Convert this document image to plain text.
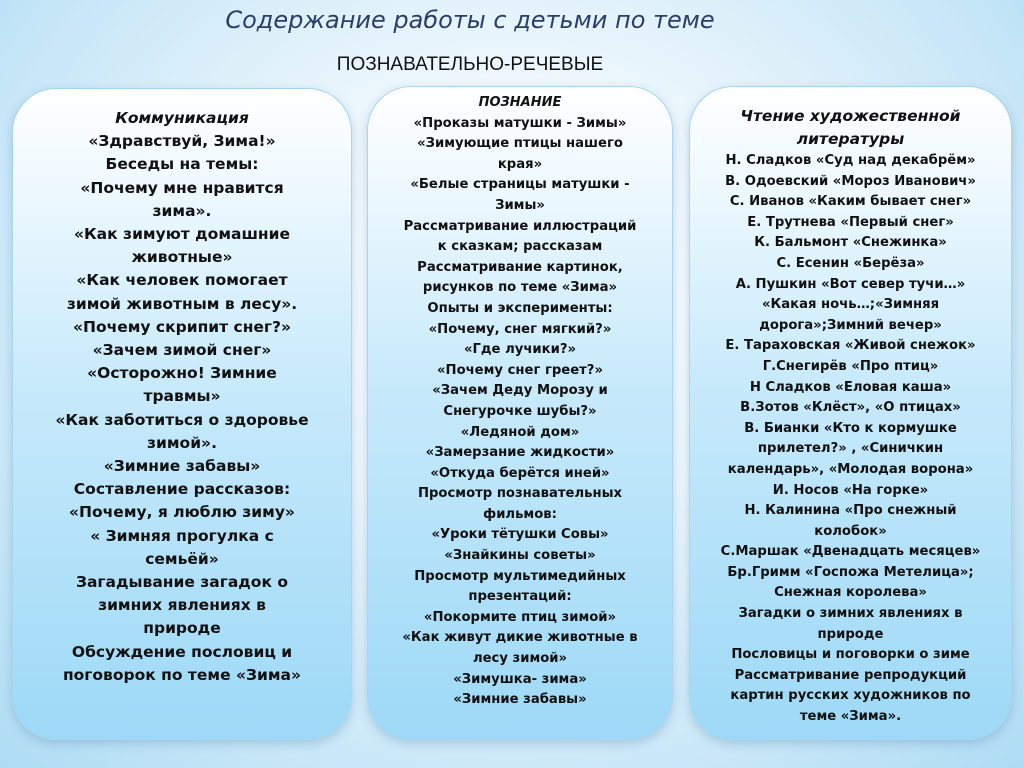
Содержание работы с детьми по теме
ПОЗНАВАТЕЛЬНО-РЕЧЕВЫЕ
Коммуникация
«Здравствуй, Зима!»
Беседы на темы:
«Почему мне нравится
зима».
«Как зимуют домашние
животные»
«Как человек помогает
зимой животным в лесу».
«Почему скрипит снег?»
«Зачем зимой снег»
«Осторожно! Зимние
травмы»
«Как заботиться о здоровье
зимой».
«Зимние забавы»
Составление рассказов:
«Почему, я люблю зиму»
« Зимняя прогулка с
семьёй»
Загадывание загадок о
зимних явлениях в
природе
Обсуждение пословиц и
поговорок по теме «Зима»
ПОЗНАНИЕ
«Проказы матушки - Зимы»
«Зимующие птицы нашего
края»
«Белые страницы матушки -
Зимы»
Рассматривание иллюстраций
к сказкам; рассказам
Рассматривание картинок,
рисунков по теме «Зима»
Опыты и эксперименты:
«Почему, снег мягкий?»
«Где лучики?»
«Почему снег греет?»
«Зачем Деду Морозу и
Снегурочке шубы?»
«Ледяной дом»
«Замерзание жидкости»
«Откуда берётся иней»
Просмотр познавательных
фильмов:
«Уроки тётушки Совы»
«Знайкины советы»
Просмотр мультимедийных
презентаций:
«Покормите птиц зимой»
«Как живут дикие животные в
лесу зимой»
«Зимушка- зима»
«Зимние забавы»
Чтение художественной
литературы
Н. Сладков «Суд над декабрём»
В. Одоевский «Мороз Иванович»
С. Иванов «Каким бывает снег»
Е. Трутнева «Первый снег»
К. Бальмонт «Снежинка»
С. Есенин «Берёза»
А. Пушкин «Вот север тучи…»
«Какая ночь…;«Зимняя
дорога»;Зимний вечер»
Е. Тараховская «Живой снежок»
Г.Снегирёв «Про птиц»
Н Сладков «Еловая каша»
В.Зотов «Клёст», «О птицах»
В. Бианки «Кто к кормушке
прилетел?» , «Синичкин
календарь», «Молодая ворона»
И. Носов «На горке»
Н. Калинина «Про снежный
колобок»
С.Маршак «Двенадцать месяцев»
Бр.Гримм «Госпожа Метелица»;
Снежная королева»
Загадки о зимних явлениях в
природе
Пословицы и поговорки о зиме
Рассматривание репродукций
картин русских художников по
теме «Зима».
